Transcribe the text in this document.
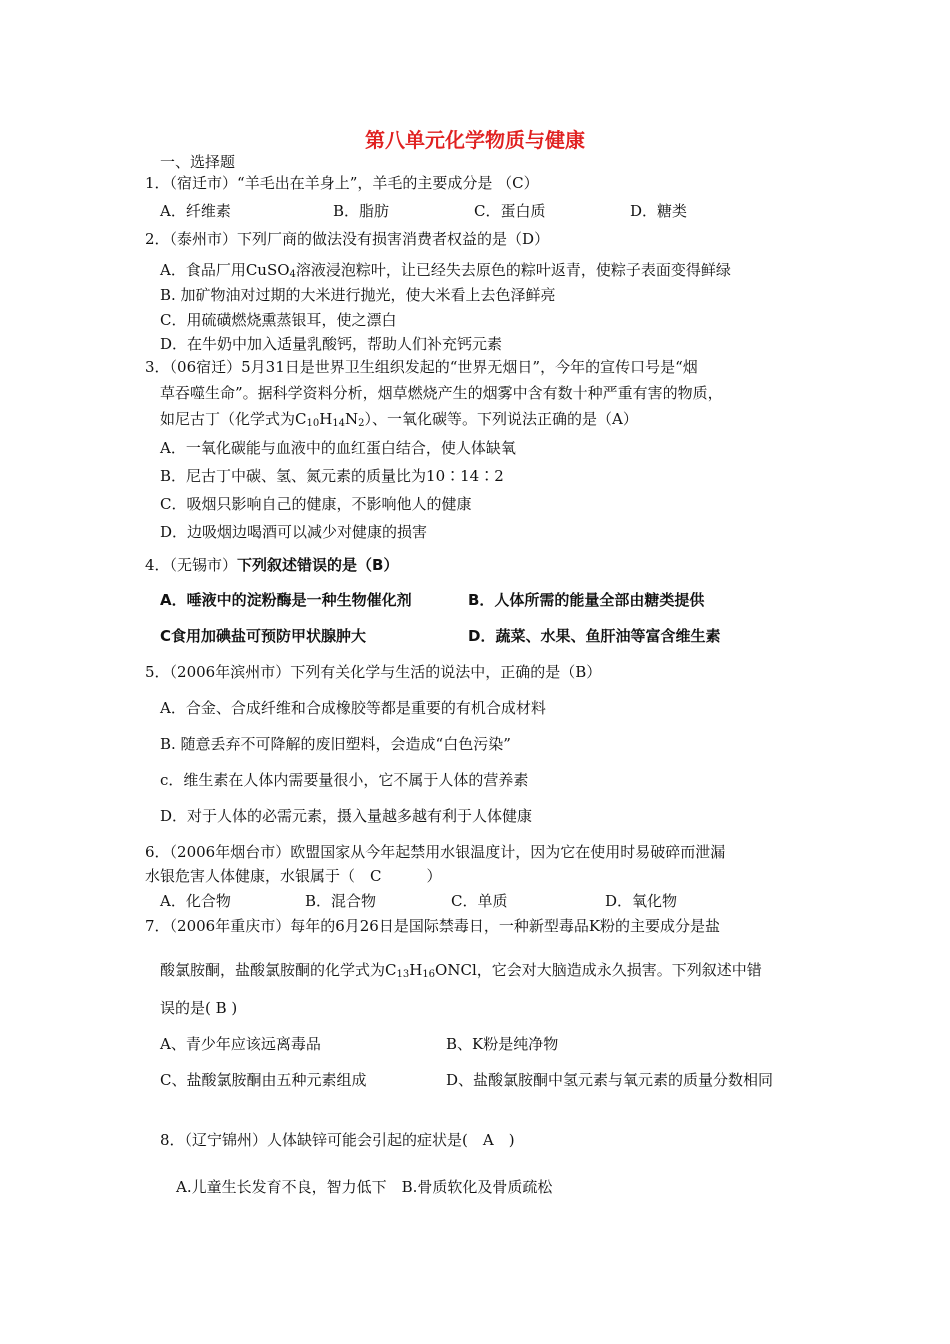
第八单元化学物质与健康
一、选择题
1．（宿迁市）“羊毛出在羊身上”，羊毛的主要成分是 （C）
A．纤维素	B．脂肪	C．蛋白质	D．糖类
2．（泰州市）下列厂商的做法没有损害消费者权益的是（D）
A．食品厂用CuSO$_4$溶液浸泡粽叶，让已经失去原色的粽叶返青，使粽子表面变得鲜绿
B. 加矿物油对过期的大米进行抛光，使大米看上去色泽鲜亮
C．用硫磺燃烧熏蒸银耳，使之漂白
D．在牛奶中加入适量乳酸钙，帮助人们补充钙元素
3．（06宿迁）5月31日是世界卫生组织发起的“世界无烟日”，今年的宣传口号是“烟
草吞噬生命”。据科学资料分析，烟草燃烧产生的烟雾中含有数十种严重有害的物质，
如尼古丁（化学式为$C_{10}H_{14}N_2$）、一氧化碳等。下列说法正确的是（A）
A．一氧化碳能与血液中的血红蛋白结合，使人体缺氧
B．尼古丁中碳、氢、氮元素的质量比为10∶14∶2
C．吸烟只影响自己的健康，不影响他人的健康
D．边吸烟边喝酒可以减少对健康的损害
4．（无锡市）下列叙述错误的是（B）
A．唾液中的淀粉酶是一种生物催化剂	B．人体所需的能量全部由糖类提供
C食用加碘盐可预防甲状腺肿大	D．蔬菜、水果、鱼肝油等富含维生素
5．（2006年滨州市）下列有关化学与生活的说法中，正确的是（B）
A．合金、合成纤维和合成橡胶等都是重要的有机合成材料
B. 随意丢弃不可降解的废旧塑料，会造成“白色污染”
c．维生素在人体内需要量很小，它不属于人体的营养素
D．对于人体的必需元素，摄入量越多越有利于人体健康
6．（2006年烟台市）欧盟国家从今年起禁用水银温度计，因为它在使用时易破碎而泄漏
水银危害人体健康，水银属于（　C　　　）
A．化合物	B．混合物	C．单质	D．氧化物
7．（2006年重庆市）每年的6月26日是国际禁毒日，一种新型毒品K粉的主要成分是盐
酸氯胺酮，盐酸氯胺酮的化学式为$C_{13}H_{16}ONCl$，它会对大脑造成永久损害。下列叙述中错
误的是( B )
A、青少年应该远离毒品	B、K粉是纯净物
C、盐酸氯胺酮由五种元素组成	D、盐酸氯胺酮中氢元素与氧元素的质量分数相同
8．（辽宁锦州）人体缺锌可能会引起的症状是(　A　)
A.儿童生长发育不良，智力低下　B.骨质软化及骨质疏松
